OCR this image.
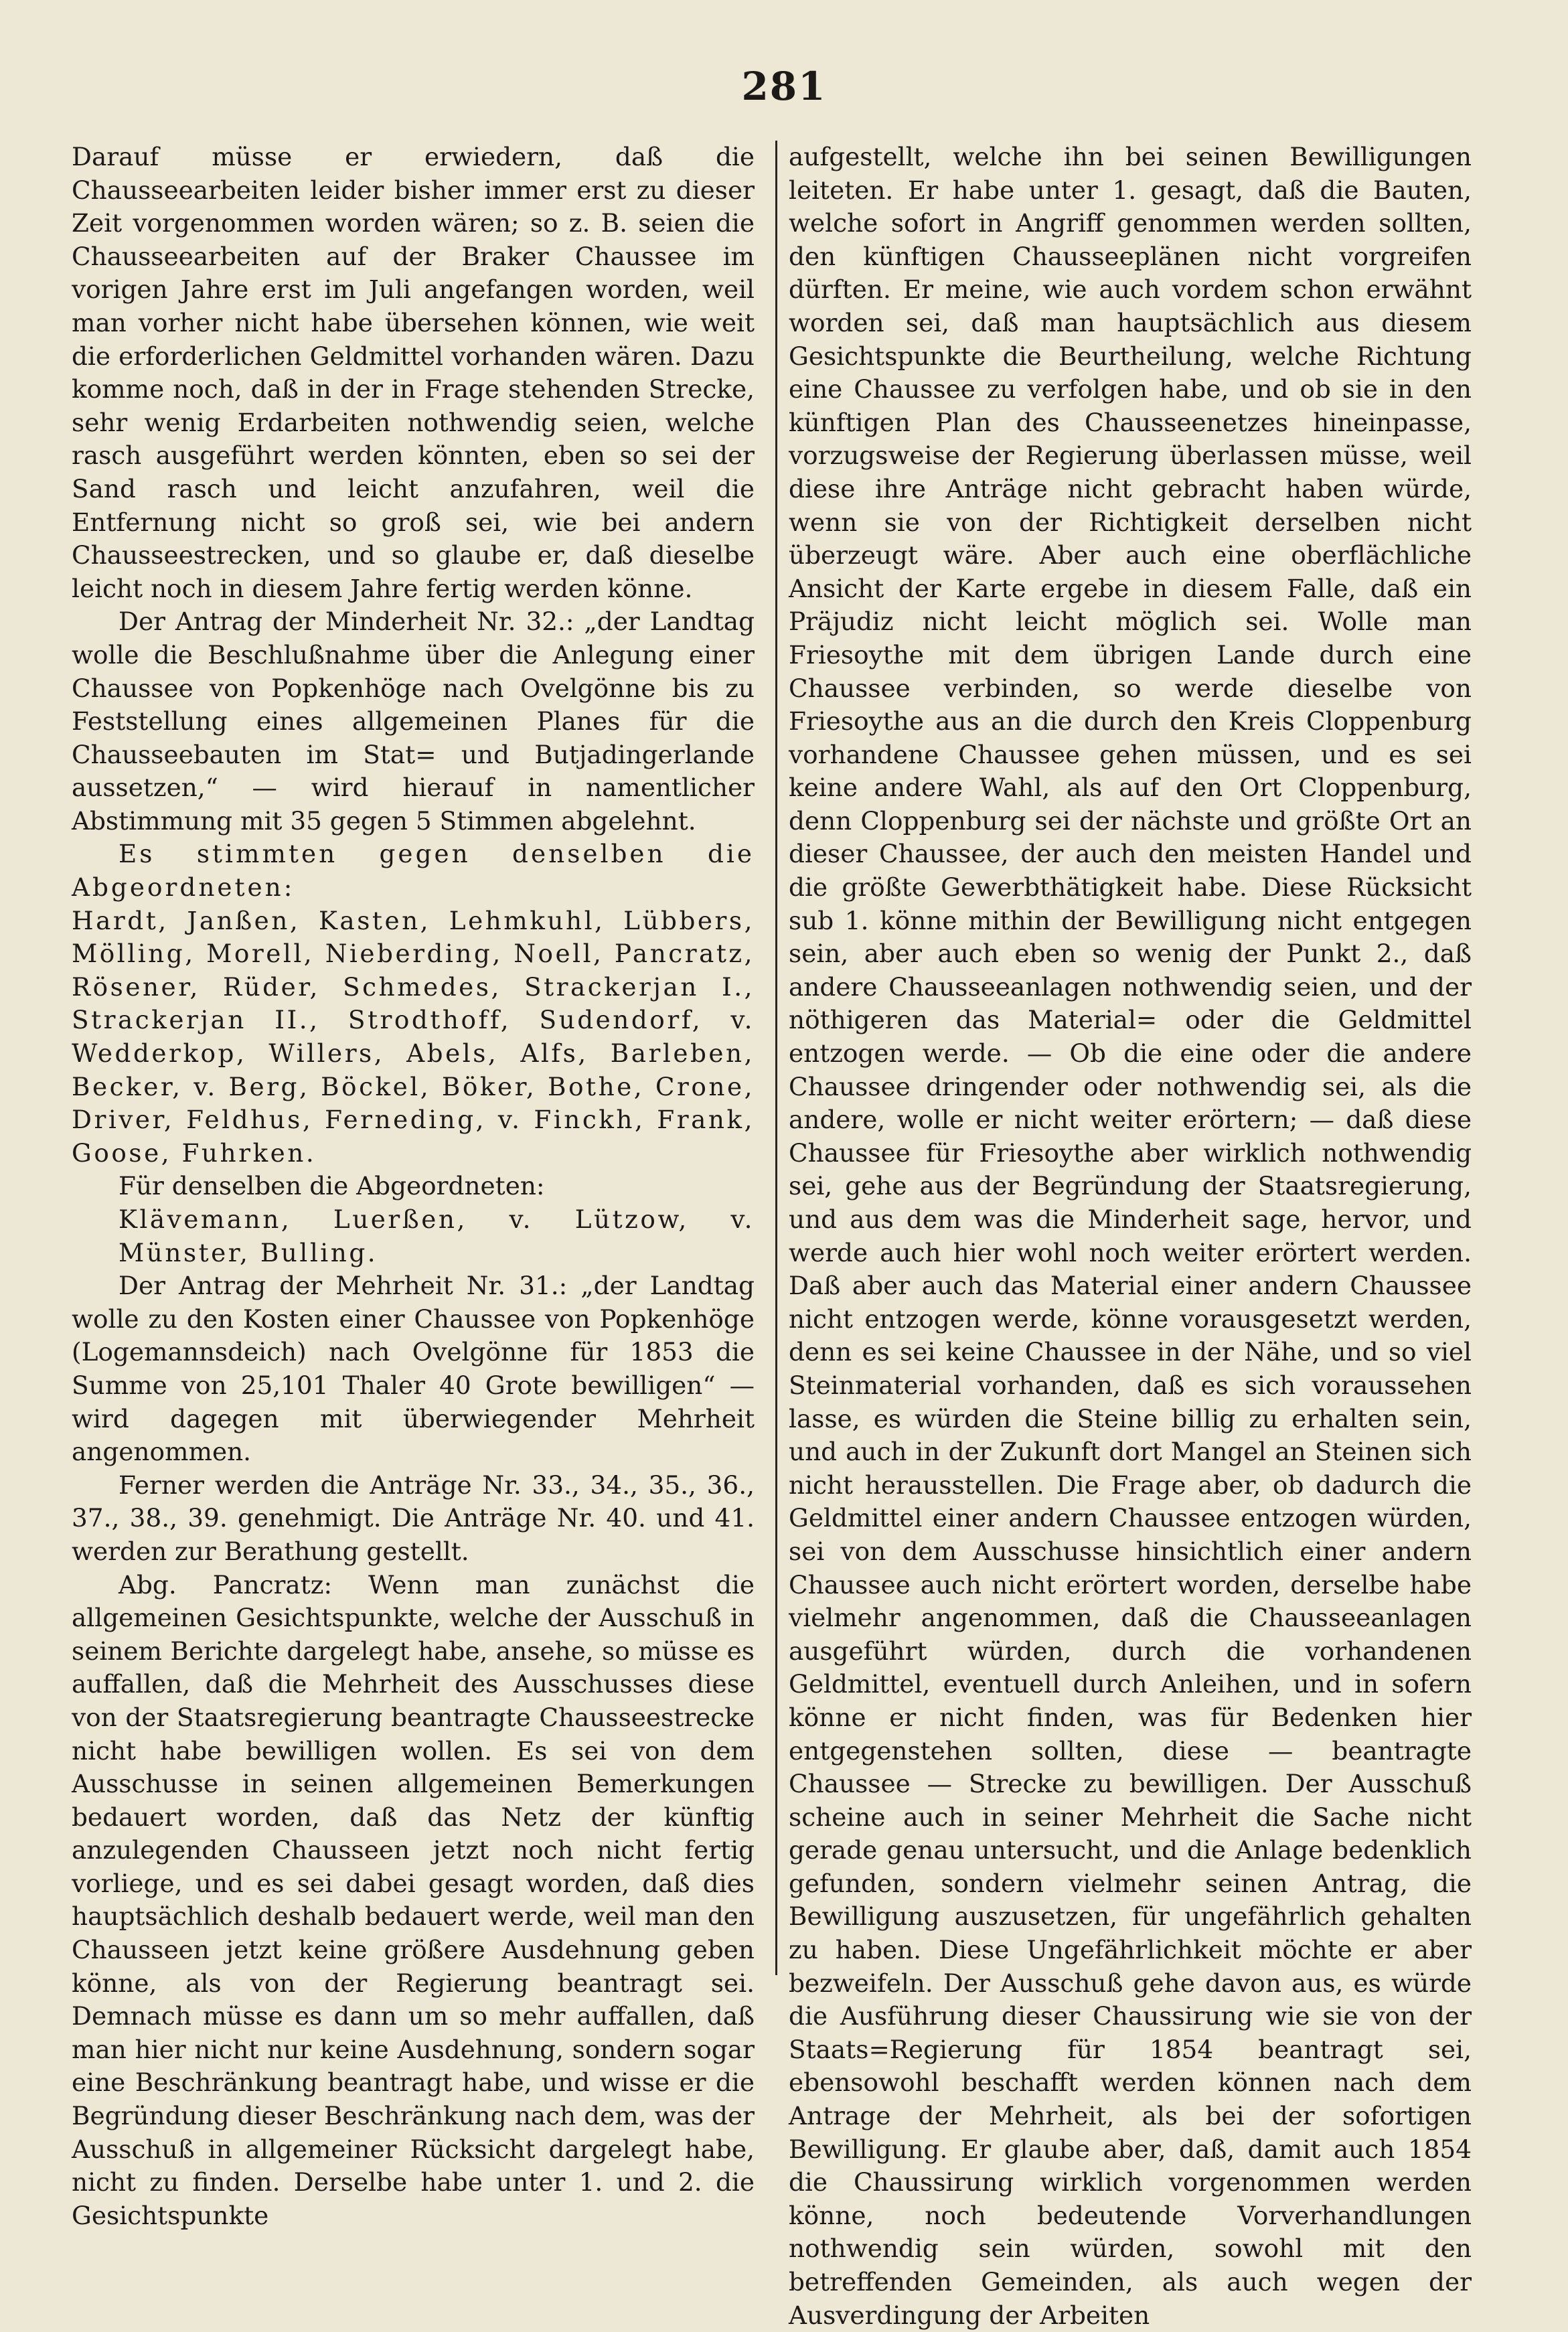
281

Darauf müsse er erwiedern, daß die Chausseearbeiten leider bisher immer erst zu dieser Zeit vorgenommen worden wären; so z. B. seien die Chausseearbeiten auf der Braker Chaussee im vorigen Jahre erst im Juli angefangen worden, weil man vorher nicht habe übersehen können, wie weit die erforderlichen Geldmittel vorhanden wären. Dazu komme noch, daß in der in Frage stehenden Strecke, sehr wenig Erdarbeiten nothwendig seien, welche rasch ausgeführt werden könnten, eben so sei der Sand rasch und leicht anzufahren, weil die Entfernung nicht so groß sei, wie bei andern Chausseestrecken, und so glaube er, daß dieselbe leicht noch in diesem Jahre fertig werden könne.

Der Antrag der Minderheit Nr. 32.: „der Landtag wolle die Beschlußnahme über die Anlegung einer Chaussee von Popkenhöge nach Ovelgönne bis zu Feststellung eines allgemeinen Planes für die Chausseebauten im Stat= und Butjadingerlande aussetzen,“ — wird hierauf in namentlicher Abstimmung mit 35 gegen 5 Stimmen abgelehnt.

Es stimmten gegen denselben die Abgeordneten:

Hardt, Janßen, Kasten, Lehmkuhl, Lübbers, Mölling, Morell, Nieberding, Noell, Pancratz, Rösener, Rüder, Schmedes, Strackerjan I., Strackerjan II., Strodthoff, Sudendorf, v. Wedderkop, Willers, Abels, Alfs, Barleben, Becker, v. Berg, Böckel, Böker, Bothe, Crone, Driver, Feldhus, Ferneding, v. Finckh, Frank, Goose, Fuhrken.

Für denselben die Abgeordneten:

Klävemann, Luerßen, v. Lützow, v. Münster, Bulling.

Der Antrag der Mehrheit Nr. 31.: „der Landtag wolle zu den Kosten einer Chaussee von Popkenhöge (Logemannsdeich) nach Ovelgönne für 1853 die Summe von 25,101 Thaler 40 Grote bewilligen“ — wird dagegen mit überwiegender Mehrheit angenommen.

Ferner werden die Anträge Nr. 33., 34., 35., 36., 37., 38., 39. genehmigt. Die Anträge Nr. 40. und 41. werden zur Berathung gestellt.

Abg. Pancratz: Wenn man zunächst die allgemeinen Gesichtspunkte, welche der Ausschuß in seinem Berichte dargelegt habe, ansehe, so müsse es auffallen, daß die Mehrheit des Ausschusses diese von der Staatsregierung beantragte Chausseestrecke nicht habe bewilligen wollen. Es sei von dem Ausschusse in seinen allgemeinen Bemerkungen bedauert worden, daß das Netz der künftig anzulegenden Chausseen jetzt noch nicht fertig vorliege, und es sei dabei gesagt worden, daß dies hauptsächlich deshalb bedauert werde, weil man den Chausseen jetzt keine größere Ausdehnung geben könne, als von der Regierung beantragt sei. Demnach müsse es dann um so mehr auffallen, daß man hier nicht nur keine Ausdehnung, sondern sogar eine Beschränkung beantragt habe, und wisse er die Begründung dieser Beschränkung nach dem, was der Ausschuß in allgemeiner Rücksicht dargelegt habe, nicht zu finden. Derselbe habe unter 1. und 2. die Gesichtspunkte

aufgestellt, welche ihn bei seinen Bewilligungen leiteten. Er habe unter 1. gesagt, daß die Bauten, welche sofort in Angriff genommen werden sollten, den künftigen Chausseeplänen nicht vorgreifen dürften. Er meine, wie auch vordem schon erwähnt worden sei, daß man hauptsächlich aus diesem Gesichtspunkte die Beurtheilung, welche Richtung eine Chaussee zu verfolgen habe, und ob sie in den künftigen Plan des Chausseenetzes hineinpasse, vorzugsweise der Regierung überlassen müsse, weil diese ihre Anträge nicht gebracht haben würde, wenn sie von der Richtigkeit derselben nicht überzeugt wäre. Aber auch eine oberflächliche Ansicht der Karte ergebe in diesem Falle, daß ein Präjudiz nicht leicht möglich sei. Wolle man Friesoythe mit dem übrigen Lande durch eine Chaussee verbinden, so werde dieselbe von Friesoythe aus an die durch den Kreis Cloppenburg vorhandene Chaussee gehen müssen, und es sei keine andere Wahl, als auf den Ort Cloppenburg, denn Cloppenburg sei der nächste und größte Ort an dieser Chaussee, der auch den meisten Handel und die größte Gewerbthätigkeit habe. Diese Rücksicht sub 1. könne mithin der Bewilligung nicht entgegen sein, aber auch eben so wenig der Punkt 2., daß andere Chausseeanlagen nothwendig seien, und der nöthigeren das Material= oder die Geldmittel entzogen werde. — Ob die eine oder die andere Chaussee dringender oder nothwendig sei, als die andere, wolle er nicht weiter erörtern; — daß diese Chaussee für Friesoythe aber wirklich nothwendig sei, gehe aus der Begründung der Staatsregierung, und aus dem was die Minderheit sage, hervor, und werde auch hier wohl noch weiter erörtert werden. Daß aber auch das Material einer andern Chaussee nicht entzogen werde, könne vorausgesetzt werden, denn es sei keine Chaussee in der Nähe, und so viel Steinmaterial vorhanden, daß es sich voraussehen lasse, es würden die Steine billig zu erhalten sein, und auch in der Zukunft dort Mangel an Steinen sich nicht herausstellen. Die Frage aber, ob dadurch die Geldmittel einer andern Chaussee entzogen würden, sei von dem Ausschusse hinsichtlich einer andern Chaussee auch nicht erörtert worden, derselbe habe vielmehr angenommen, daß die Chausseeanlagen ausgeführt würden, durch die vorhandenen Geldmittel, eventuell durch Anleihen, und in sofern könne er nicht finden, was für Bedenken hier entgegenstehen sollten, diese — beantragte Chaussee — Strecke zu bewilligen. Der Ausschuß scheine auch in seiner Mehrheit die Sache nicht gerade genau untersucht, und die Anlage bedenklich gefunden, sondern vielmehr seinen Antrag, die Bewilligung auszusetzen, für ungefährlich gehalten zu haben. Diese Ungefährlichkeit möchte er aber bezweifeln. Der Ausschuß gehe davon aus, es würde die Ausführung dieser Chaussirung wie sie von der Staats=Regierung für 1854 beantragt sei, ebensowohl beschafft werden können nach dem Antrage der Mehrheit, als bei der sofortigen Bewilligung. Er glaube aber, daß, damit auch 1854 die Chaussirung wirklich vorgenommen werden könne, noch bedeutende Vorverhandlungen nothwendig sein würden, sowohl mit den betreffenden Gemeinden, als auch wegen der Ausverdingung der Arbeiten
